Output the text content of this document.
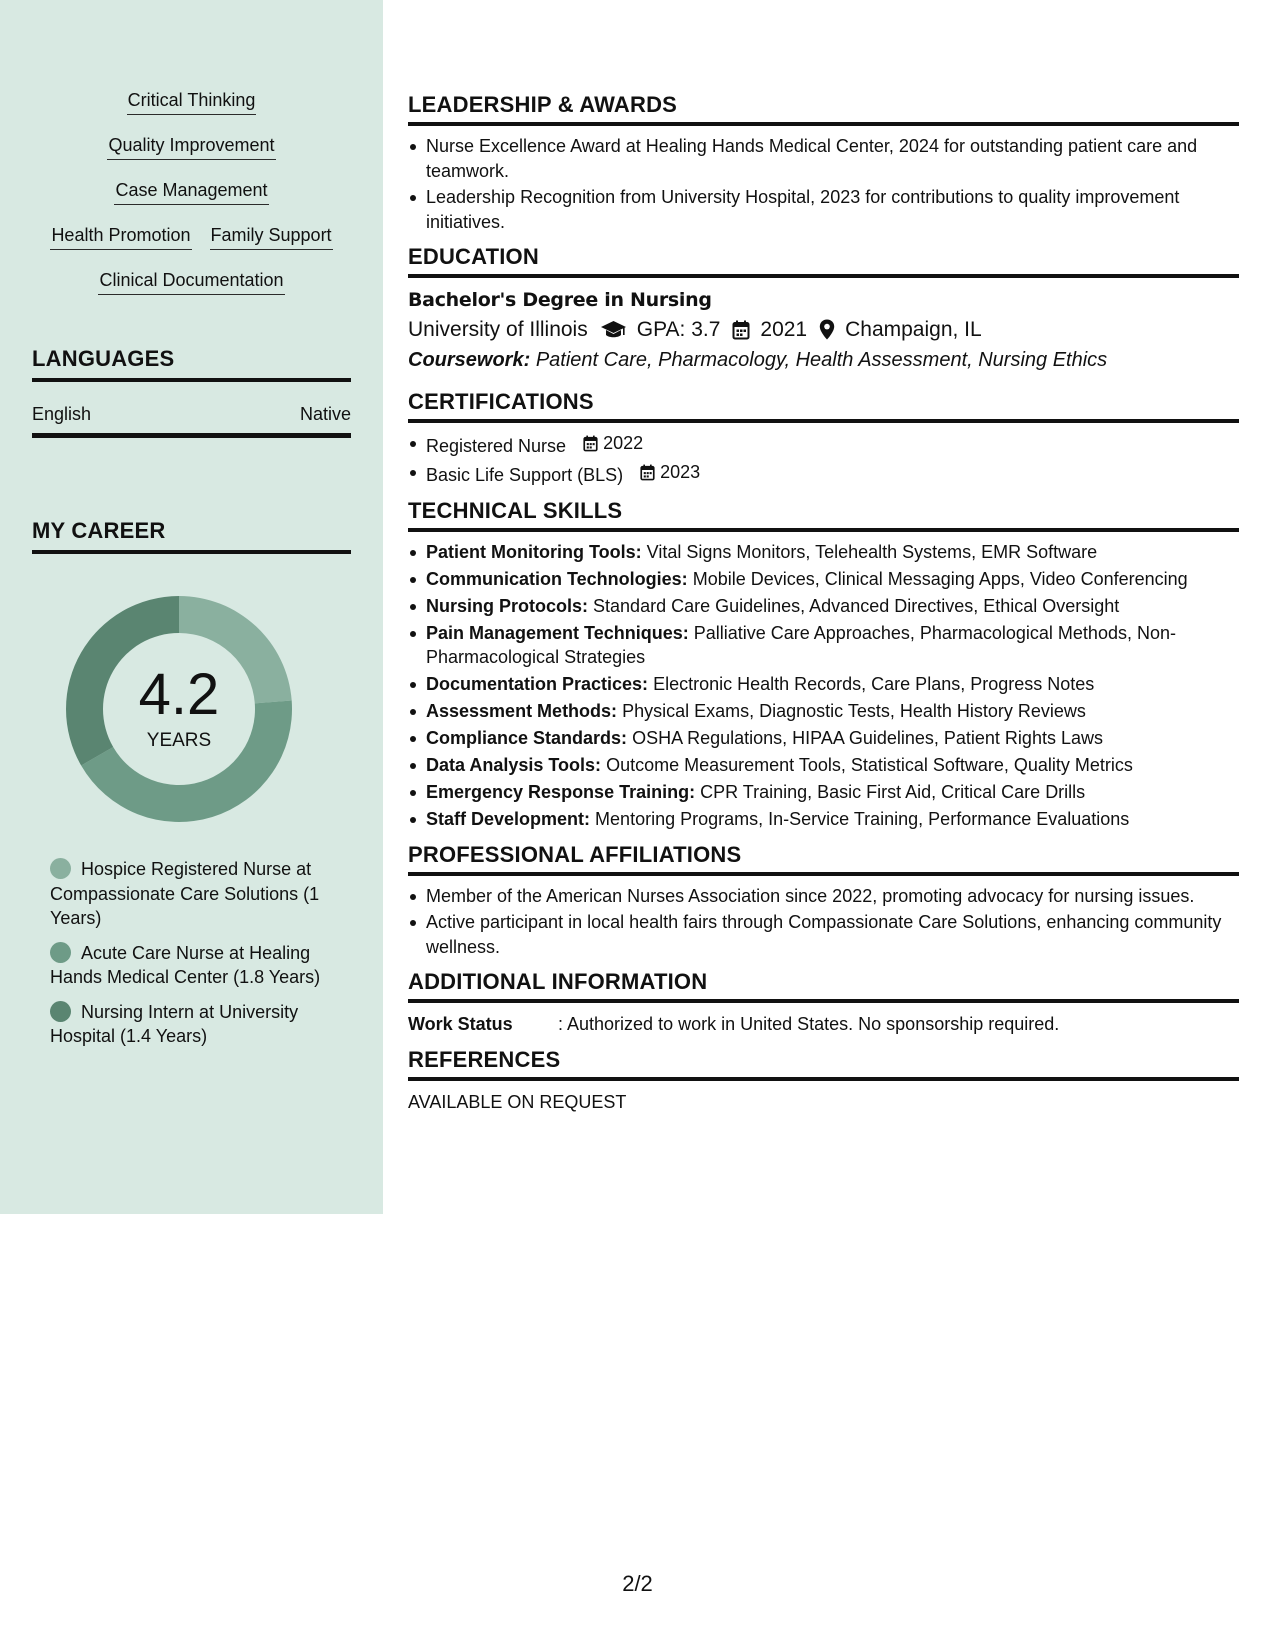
Critical Thinking
Quality Improvement
Case Management
Health Promotion Family Support
Clinical Documentation
LANGUAGES
English	Native
MY CAREER
4.2
YEARS
Hospice Registered Nurse at Compassionate Care Solutions (1 Years)
Acute Care Nurse at Healing Hands Medical Center (1.8 Years)
Nursing Intern at University Hospital (1.4 Years)
LEADERSHIP & AWARDS
Nurse Excellence Award at Healing Hands Medical Center, 2024 for outstanding patient care and teamwork.
Leadership Recognition from University Hospital, 2023 for contributions to quality improvement initiatives.
EDUCATION
Bachelor's Degree in Nursing
University of Illinois GPA: 3.7 2021 Champaign, IL
Coursework: Patient Care, Pharmacology, Health Assessment, Nursing Ethics
CERTIFICATIONS
Registered Nurse 2022
Basic Life Support (BLS) 2023
TECHNICAL SKILLS
Patient Monitoring Tools: Vital Signs Monitors, Telehealth Systems, EMR Software
Communication Technologies: Mobile Devices, Clinical Messaging Apps, Video Conferencing
Nursing Protocols: Standard Care Guidelines, Advanced Directives, Ethical Oversight
Pain Management Techniques: Palliative Care Approaches, Pharmacological Methods, Non-Pharmacological Strategies
Documentation Practices: Electronic Health Records, Care Plans, Progress Notes
Assessment Methods: Physical Exams, Diagnostic Tests, Health History Reviews
Compliance Standards: OSHA Regulations, HIPAA Guidelines, Patient Rights Laws
Data Analysis Tools: Outcome Measurement Tools, Statistical Software, Quality Metrics
Emergency Response Training: CPR Training, Basic First Aid, Critical Care Drills
Staff Development: Mentoring Programs, In-Service Training, Performance Evaluations
PROFESSIONAL AFFILIATIONS
Member of the American Nurses Association since 2022, promoting advocacy for nursing issues.
Active participant in local health fairs through Compassionate Care Solutions, enhancing community wellness.
ADDITIONAL INFORMATION
Work Status	: Authorized to work in United States. No sponsorship required.
REFERENCES
AVAILABLE ON REQUEST
2/2
